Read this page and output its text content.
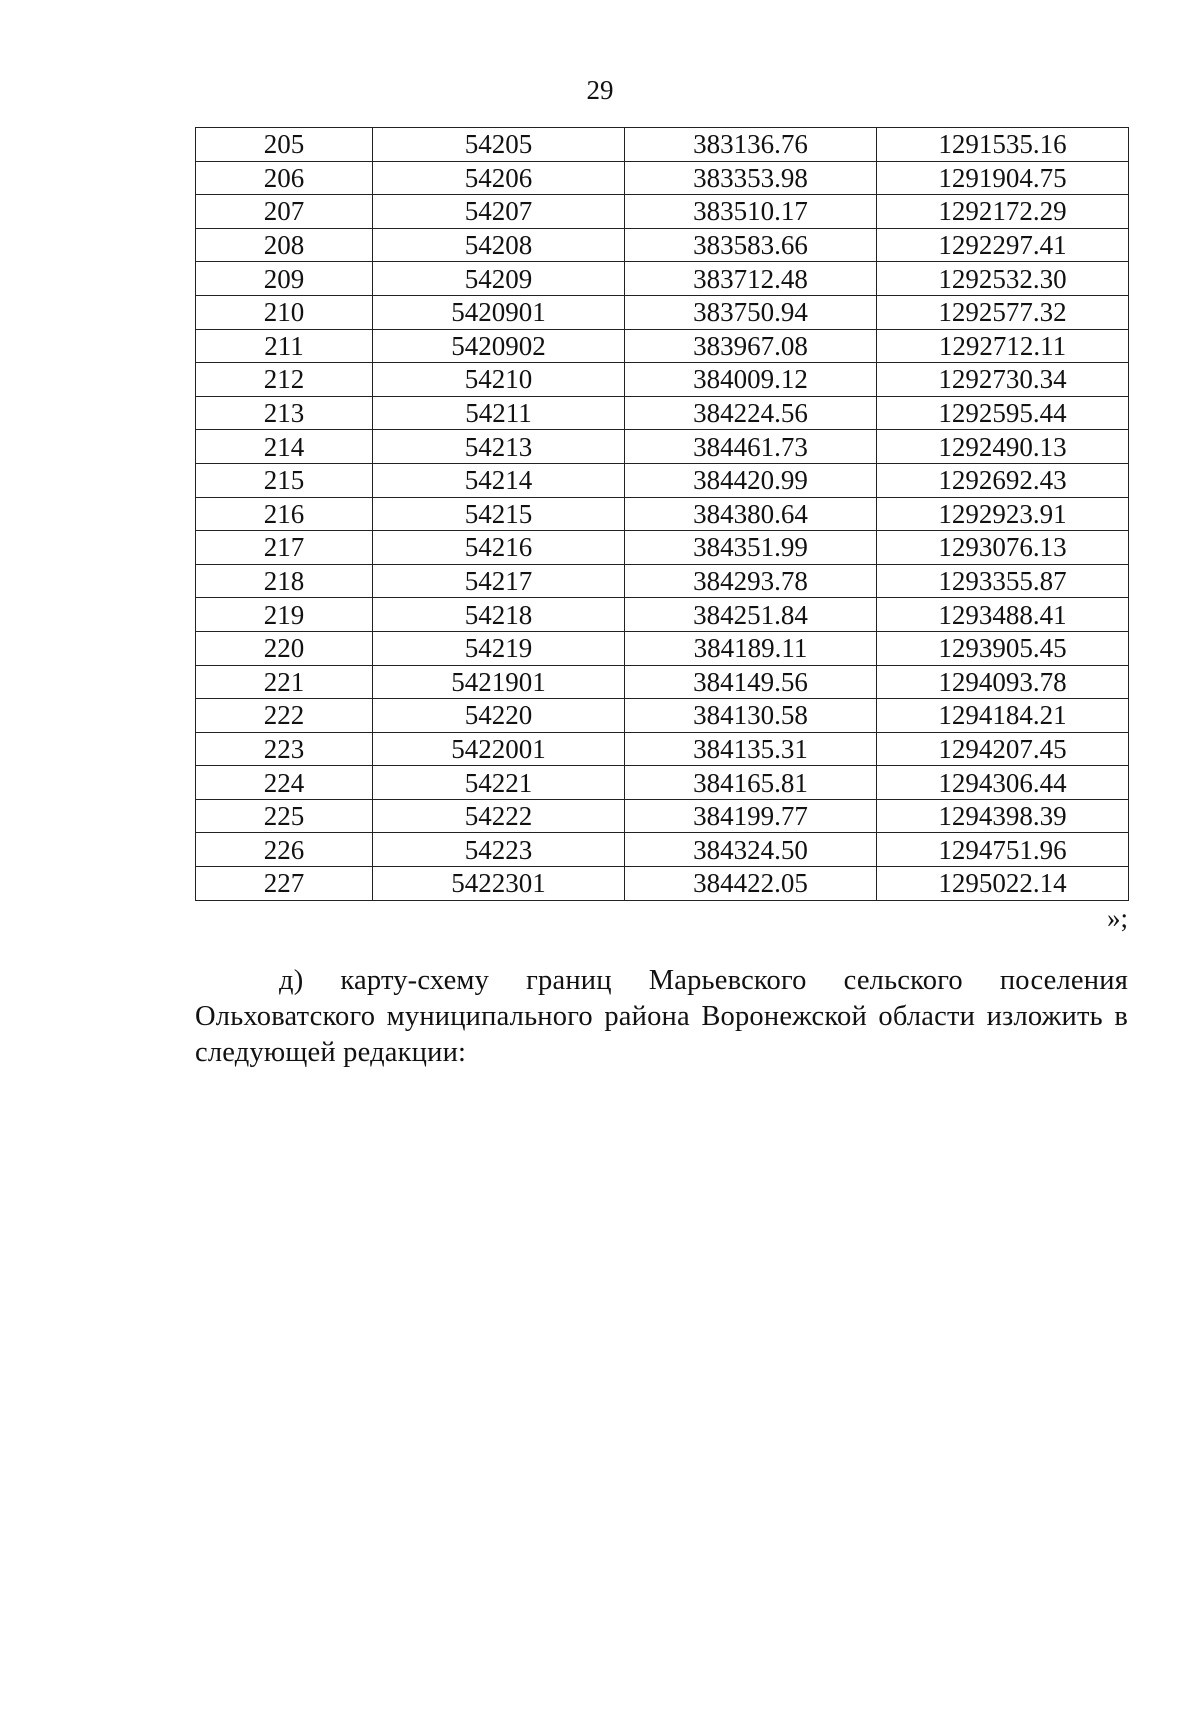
29
205	54205	383136.76	1291535.16
206	54206	383353.98	1291904.75
207	54207	383510.17	1292172.29
208	54208	383583.66	1292297.41
209	54209	383712.48	1292532.30
210	5420901	383750.94	1292577.32
211	5420902	383967.08	1292712.11
212	54210	384009.12	1292730.34
213	54211	384224.56	1292595.44
214	54213	384461.73	1292490.13
215	54214	384420.99	1292692.43
216	54215	384380.64	1292923.91
217	54216	384351.99	1293076.13
218	54217	384293.78	1293355.87
219	54218	384251.84	1293488.41
220	54219	384189.11	1293905.45
221	5421901	384149.56	1294093.78
222	54220	384130.58	1294184.21
223	5422001	384135.31	1294207.45
224	54221	384165.81	1294306.44
225	54222	384199.77	1294398.39
226	54223	384324.50	1294751.96
227	5422301	384422.05	1295022.14
»;

д) карту-схему границ Марьевского сельского поселения Ольховатского муниципального района Воронежской области изложить в следующей редакции:
